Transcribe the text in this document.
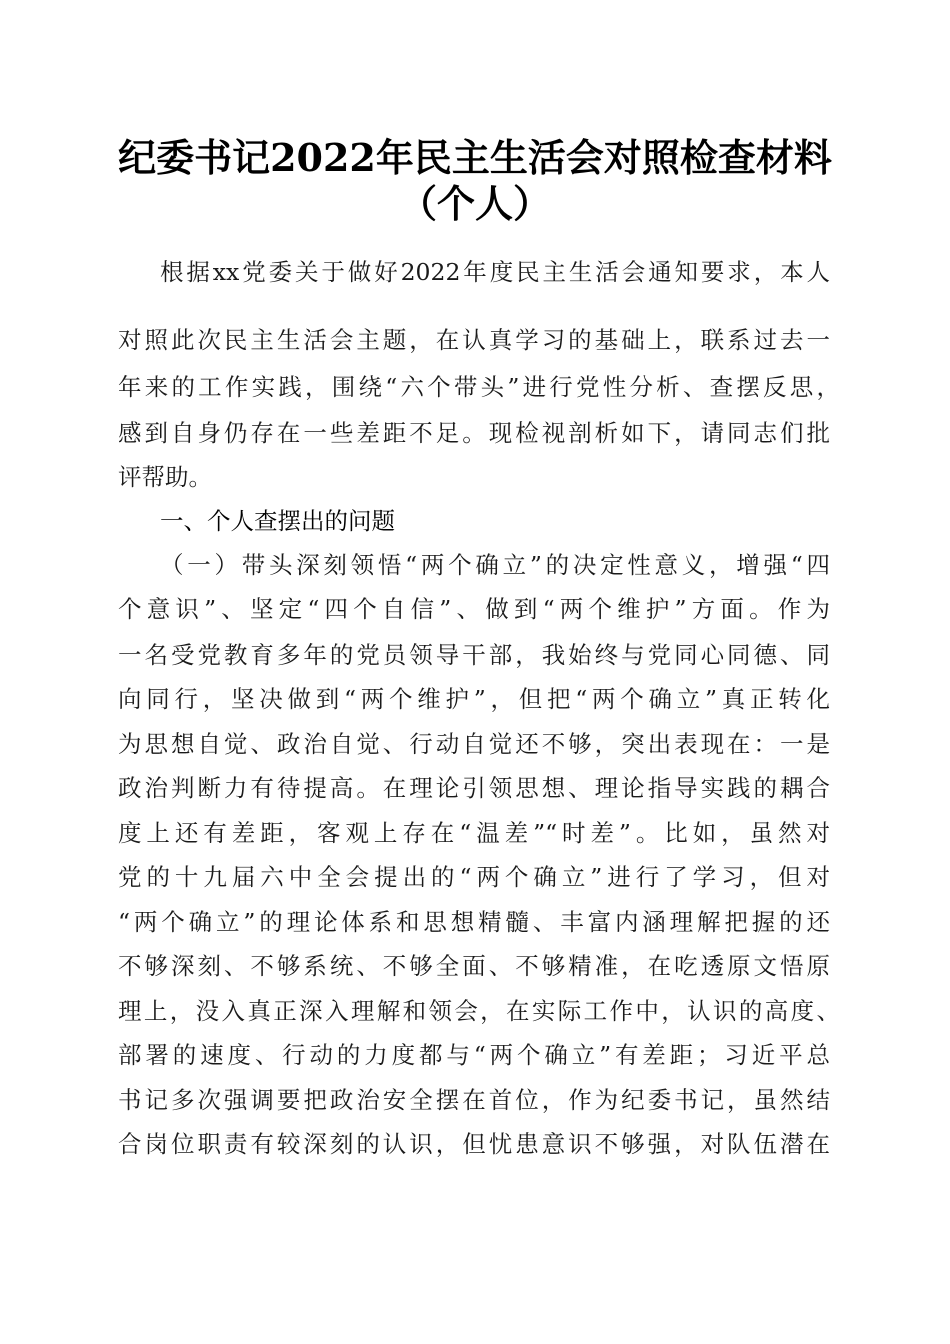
纪委书记2022年民主生活会对照检查材料
（个人）
根据xx党委关于做好2022年度民主生活会通知要求，本人
对照此次民主生活会主题，在认真学习的基础上，联系过去一
年来的工作实践，围绕“六个带头”进行党性分析、查摆反思，
感到自身仍存在一些差距不足。现检视剖析如下，请同志们批
评帮助。
一、个人查摆出的问题
（一）带头深刻领悟“两个确立”的决定性意义，增强“四
个意识”、坚定“四个自信”、做到“两个维护”方面。作为
一名受党教育多年的党员领导干部，我始终与党同心同德、同
向同行，坚决做到“两个维护”，但把“两个确立”真正转化
为思想自觉、政治自觉、行动自觉还不够，突出表现在：一是
政治判断力有待提高。在理论引领思想、理论指导实践的耦合
度上还有差距，客观上存在“温差”“时差”。比如，虽然对
党的十九届六中全会提出的“两个确立”进行了学习，但对
“两个确立”的理论体系和思想精髓、丰富内涵理解把握的还
不够深刻、不够系统、不够全面、不够精准，在吃透原文悟原
理上，没入真正深入理解和领会，在实际工作中，认识的高度、
部署的速度、行动的力度都与“两个确立”有差距；习近平总
书记多次强调要把政治安全摆在首位，作为纪委书记，虽然结
合岗位职责有较深刻的认识，但忧患意识不够强，对队伍潜在
